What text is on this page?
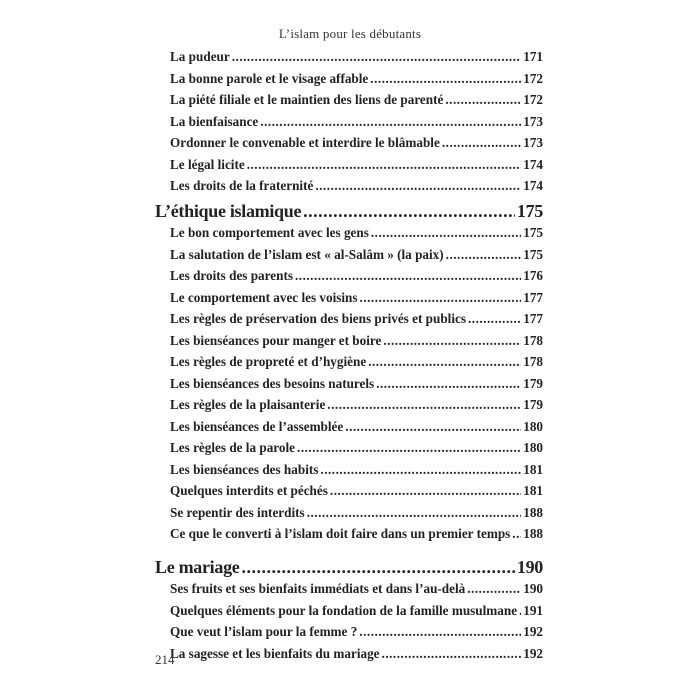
L’islam pour les débutants
La pudeur .....	171
La bonne parole et le visage affable .....	172
La piété filiale et le maintien des liens de parenté .....	172
La bienfaisance .....	173
Ordonner le convenable et interdire le blâmable .....	173
Le légal licite .....	174
Les droits de la fraternité .....	174
L’éthique islamique .....	175
Le bon comportement avec les gens .....	175
La salutation de l’islam est « al-Salâm » (la paix) .....	175
Les droits des parents .....	176
Le comportement avec les voisins .....	177
Les règles de préservation des biens privés et publics .....	177
Les bienséances pour manger et boire .....	178
Les règles de propreté et d’hygiène .....	178
Les bienséances des besoins naturels .....	179
Les règles de la plaisanterie .....	179
Les bienséances de l’assemblée .....	180
Les règles de la parole .....	180
Les bienséances des habits .....	181
Quelques interdits et péchés .....	181
Se repentir des interdits .....	188
Ce que le converti à l’islam doit faire dans un premier temps ..... 188
Le mariage .....	190
Ses fruits et ses bienfaits immédiats et dans l’au-delà .....	190
Quelques éléments pour la fondation de la famille musulmane ..... 191
Que veut l’islam pour la femme ? .....	192
La sagesse et les bienfaits du mariage .....	192
214
